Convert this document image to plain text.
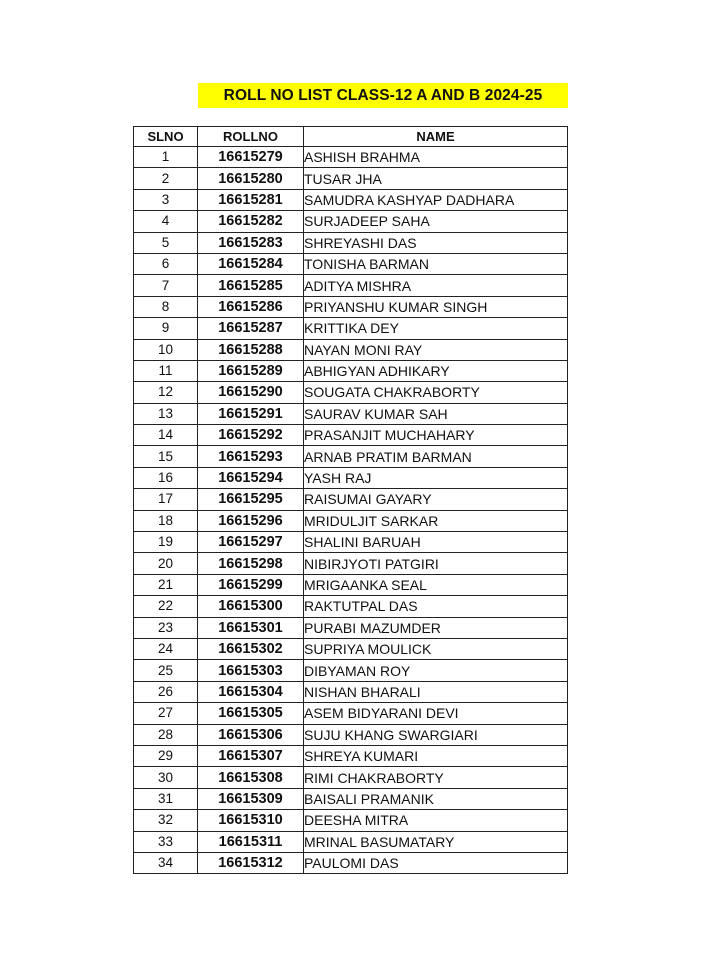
ROLL NO LIST CLASS-12 A AND B 2024-25
SLNO	ROLLNO	NAME
1	16615279	ASHISH BRAHMA
2	16615280	TUSAR JHA
3	16615281	SAMUDRA KASHYAP DADHARA
4	16615282	SURJADEEP SAHA
5	16615283	SHREYASHI DAS
6	16615284	TONISHA BARMAN
7	16615285	ADITYA MISHRA
8	16615286	PRIYANSHU KUMAR SINGH
9	16615287	KRITTIKA DEY
10	16615288	NAYAN MONI RAY
11	16615289	ABHIGYAN ADHIKARY
12	16615290	SOUGATA CHAKRABORTY
13	16615291	SAURAV KUMAR SAH
14	16615292	PRASANJIT MUCHAHARY
15	16615293	ARNAB PRATIM BARMAN
16	16615294	YASH RAJ
17	16615295	RAISUMAI GAYARY
18	16615296	MRIDULJIT SARKAR
19	16615297	SHALINI BARUAH
20	16615298	NIBIRJYOTI PATGIRI
21	16615299	MRIGAANKA SEAL
22	16615300	RAKTUTPAL DAS
23	16615301	PURABI MAZUMDER
24	16615302	SUPRIYA MOULICK
25	16615303	DIBYAMAN ROY
26	16615304	NISHAN BHARALI
27	16615305	ASEM BIDYARANI DEVI
28	16615306	SUJU KHANG SWARGIARI
29	16615307	SHREYA KUMARI
30	16615308	RIMI CHAKRABORTY
31	16615309	BAISALI PRAMANIK
32	16615310	DEESHA MITRA
33	16615311	MRINAL BASUMATARY
34	16615312	PAULOMI DAS
